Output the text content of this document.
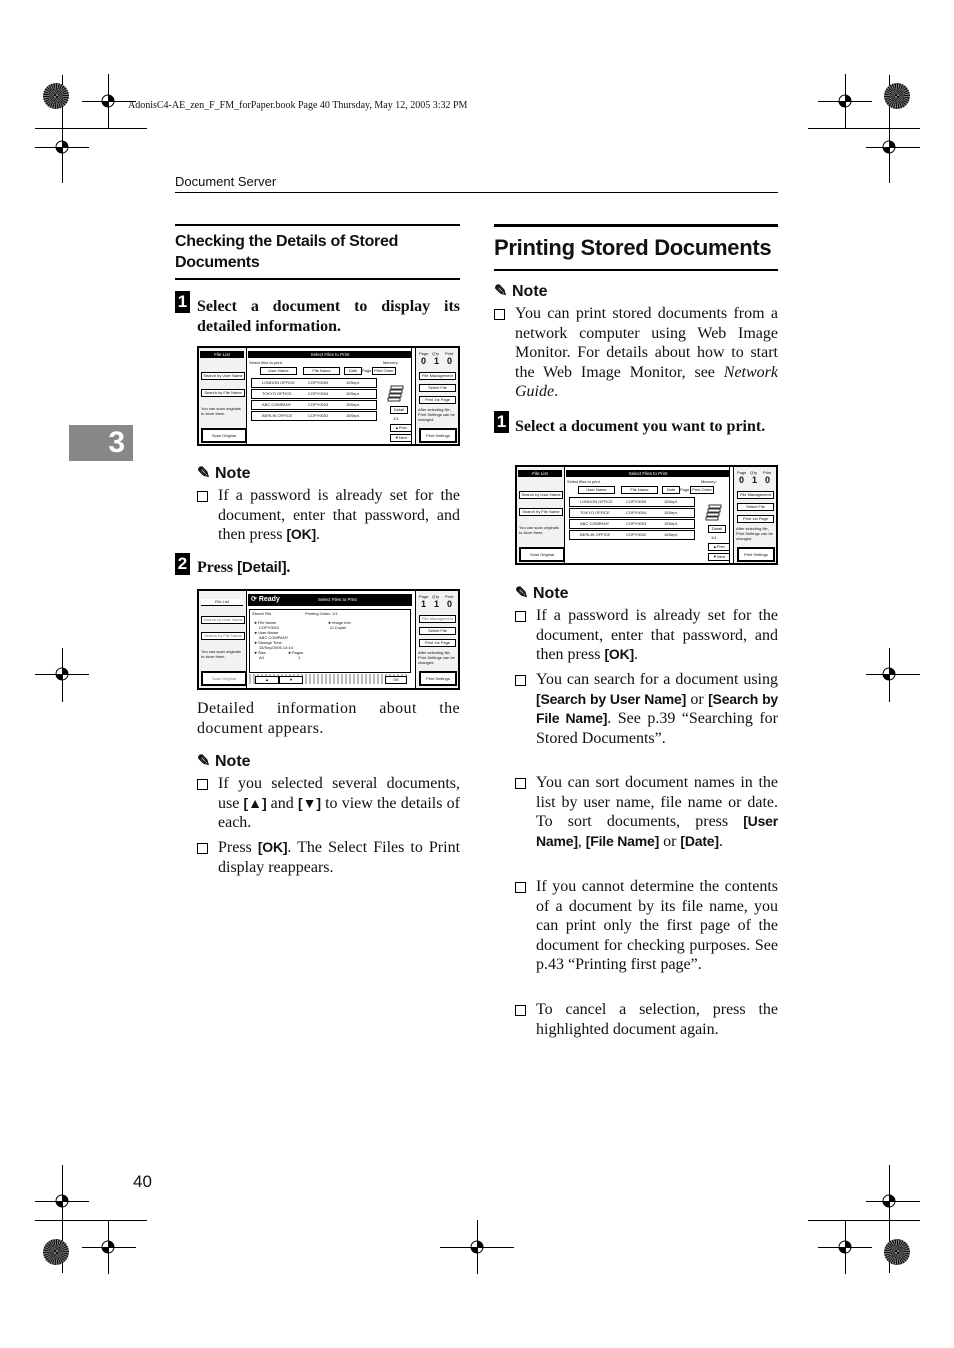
AdonisC4-AE_zen_F_FM_forPaper.book Page 40 Thursday, May 12, 2005 3:32 PM
Document Server
3
Checking the Details of Stored Documents
1 Select a document to display its detailed information.
File List
Search by User Name
Search by File Name
You can scan originals to store them.
Scan Original
Select Files to Print
Select files to print.	Memory:
User Name	File Name	Date	Page Print Order
LONDON OFFICE	COPY0009	15Sept.
TOKYO OFFICE	COPY0004	15Sept.
ABC COMPANY	COPY0003	15Sept.
BERLIN OFFICE	COPY0002	15Sept.
Detail
1/1
▲Prev
▼Next
Page Q'ty Print
0 1 0
File Management
Select File
Print 1st Page
After selecting file, Print Settings can be changed.
Print Settings
✎ Note
If a password is already set for the document, enter that password, and then press [OK].
2 Press [Detail].
File List
Search by User Name
Search by File Name
You can scan originals to store them.
Scan Original
⟳ Ready	Select Files to Print
Stored File	Printing Order: 1/1
►File Name
COPY0010
►User Name
ABC COMPANY
►Storage Time
15/Sep/2005 14:44
►Size
A4
►Pages
1
►Image Info
☑ Copier
▲	▼	OK
Page Q'ty Print
1 1 0
File Management
Select File
Print 1st Page
After selecting file, Print Settings can be changed.
Print Settings
Detailed information about the document appears.
✎ Note
If you selected several documents, use [▲] and [▼] to view the details of each.
Press [OK]. The Select Files to Print display reappears.
Printing Stored Documents
✎ Note
You can print stored documents from a network computer using Web Image Monitor. For details about how to start the Web Image Monitor, see Network Guide.
1 Select a document you want to print.
File List
Search by User Name
Search by File Name
You can scan originals to store them.
Scan Original
Select Files to Print
Select files to print.	Memory:
User Name	File Name	Date	Page Print Order
LONDON OFFICE	COPY0009	15Sept.
TOKYO OFFICE	COPY0004	15Sept.
ABC COMPANY	COPY0003	15Sept.
BERLIN OFFICE	COPY0002	15Sept.
Detail
1/1
▲Prev
▼Next
Page Q'ty Print
0 1 0
File Management
Select File
Print 1st Page
After selecting file, Print Settings can be changed.
Print Settings
✎ Note
If a password is already set for the document, enter that password, and then press [OK].
You can search for a document using [Search by User Name] or [Search by File Name]. See p.39 “Searching for Stored Documents”.
You can sort document names in the list by user name, file name or date. To sort documents, press [User Name], [File Name] or [Date].
If you cannot determine the contents of a document by its file name, you can print only the first page of the document for checking purposes. See p.43 “Printing first page”.
To cancel a selection, press the highlighted document again.
40
